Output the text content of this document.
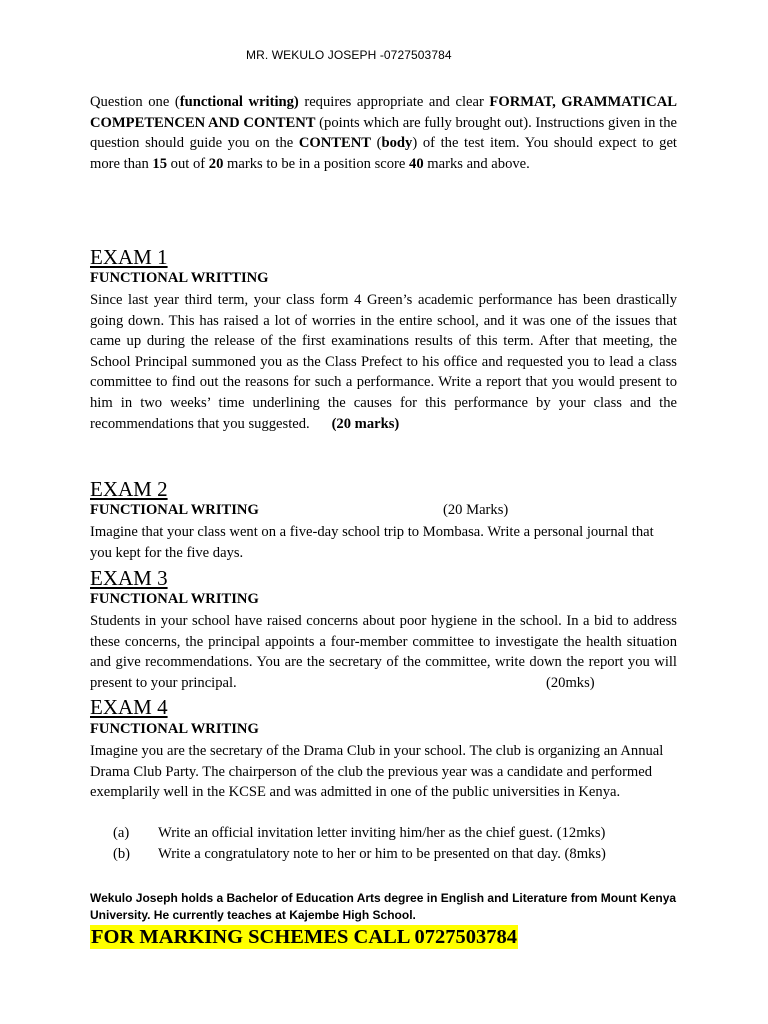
MR. WEKULO JOSEPH -0727503784

Question one (functional writing) requires appropriate and clear FORMAT, GRAMMATICAL COMPETENCEN AND CONTENT (points which are fully brought out). Instructions given in the question should guide you on the CONTENT (body) of the test item. You should expect to get more than 15 out of 20 marks to be in a position score 40 marks and above.

EXAM 1
FUNCTIONAL WRITTING

Since last year third term, your class form 4 Green’s academic performance has been drastically going down. This has raised a lot of worries in the entire school, and it was one of the issues that came up during the release of the first examinations results of this term. After that meeting, the School Principal summoned you as the Class Prefect to his office and requested you to lead a class committee to find out the reasons for such a performance. Write a report that you would present to him in two weeks’ time underlining the causes for this performance by your class and the recommendations that you suggested. (20 marks)

EXAM 2
FUNCTIONAL WRITING	(20 Marks)

Imagine that your class went on a five-day school trip to Mombasa. Write a personal journal that you kept for the five days.

EXAM 3
FUNCTIONAL WRITING

Students in your school have raised concerns about poor hygiene in the school. In a bid to address these concerns, the principal appoints a four-member committee to investigate the health situation and give recommendations. You are the secretary of the committee, write down the report you will present to your principal.	(20mks)
EXAM 4
FUNCTIONAL WRITING

Imagine you are the secretary of the Drama Club in your school. The club is organizing an Annual Drama Club Party. The chairperson of the club the previous year was a candidate and performed exemplarily well in the KCSE and was admitted in one of the public universities in Kenya.

(a) Write an official invitation letter inviting him/her as the chief guest. (12mks)
(b) Write a congratulatory note to her or him to be presented on that day. (8mks)
Wekulo Joseph holds a Bachelor of Education Arts degree in English and Literature from Mount Kenya University. He currently teaches at Kajembe High School.
FOR MARKING SCHEMES CALL 0727503784
